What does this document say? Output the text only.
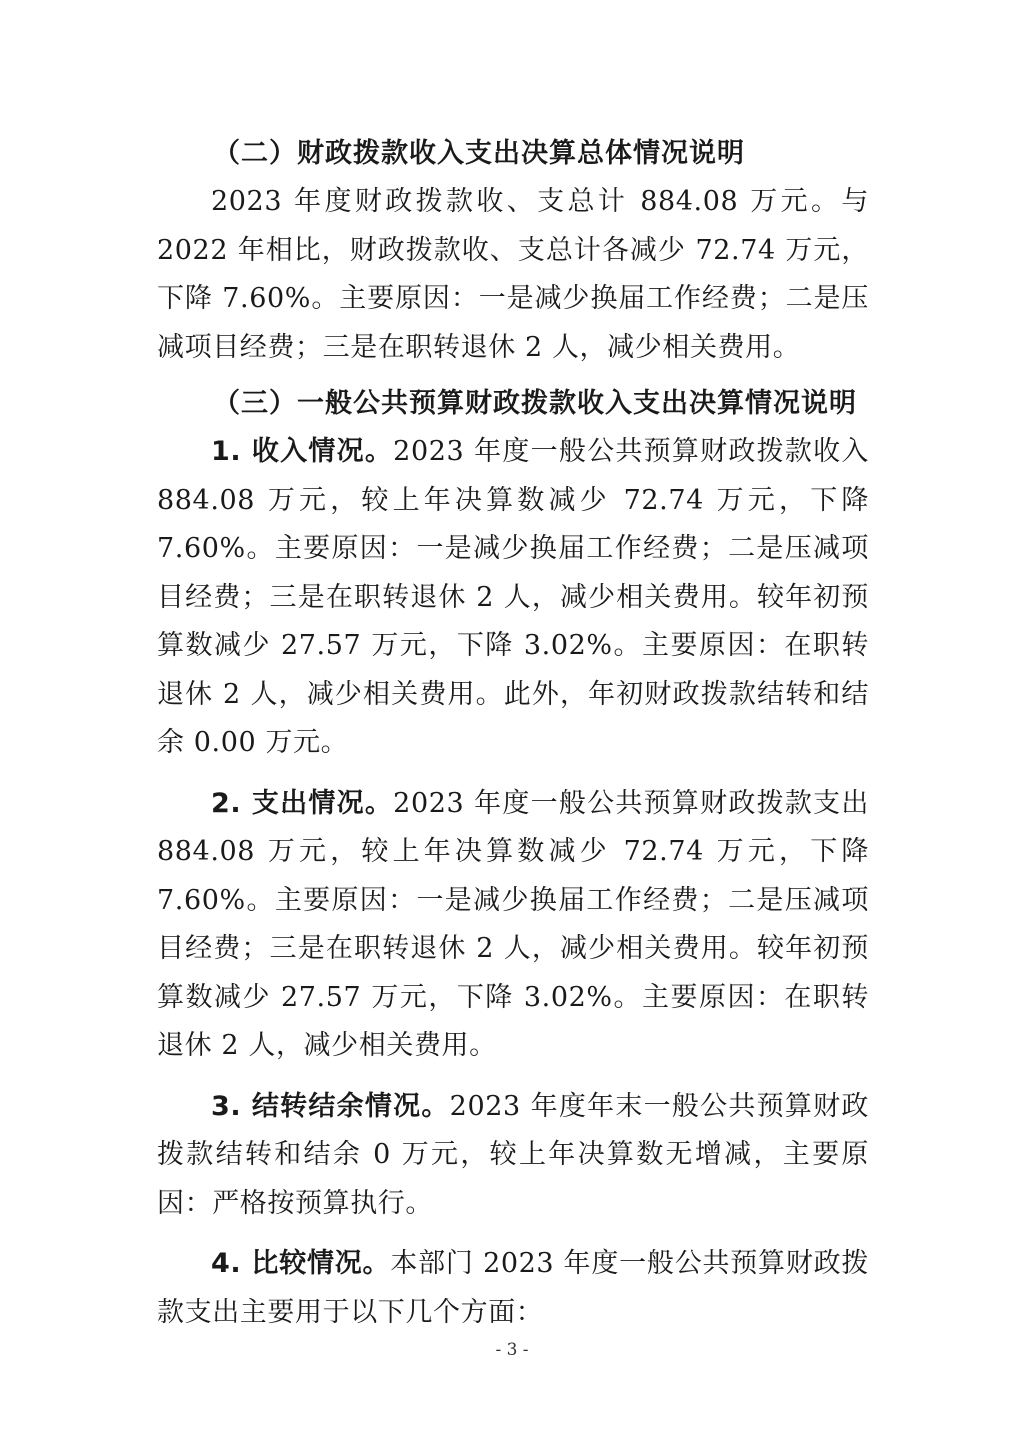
（二）财政拨款收入支出决算总体情况说明

2023 年度财政拨款收、支总计 884.08 万元。与 2022 年相比，财政拨款收、支总计各减少 72.74 万元，下降 7.60%。主要原因：一是减少换届工作经费；二是压减项目经费；三是在职转退休 2 人，减少相关费用。

（三）一般公共预算财政拨款收入支出决算情况说明

1. 收入情况。2023 年度一般公共预算财政拨款收入 884.08 万元，较上年决算数减少 72.74 万元，下降 7.60%。主要原因：一是减少换届工作经费；二是压减项目经费；三是在职转退休 2 人，减少相关费用。较年初预算数减少 27.57 万元，下降 3.02%。主要原因：在职转退休 2 人，减少相关费用。此外，年初财政拨款结转和结余 0.00 万元。

2. 支出情况。2023 年度一般公共预算财政拨款支出 884.08 万元，较上年决算数减少 72.74 万元，下降 7.60%。主要原因：一是减少换届工作经费；二是压减项目经费；三是在职转退休 2 人，减少相关费用。较年初预算数减少 27.57 万元，下降 3.02%。主要原因：在职转退休 2 人，减少相关费用。

3. 结转结余情况。2023 年度年末一般公共预算财政拨款结转和结余 0 万元，较上年决算数无增减，主要原因：严格按预算执行。

4. 比较情况。本部门 2023 年度一般公共预算财政拨款支出主要用于以下几个方面：

- 3 -
